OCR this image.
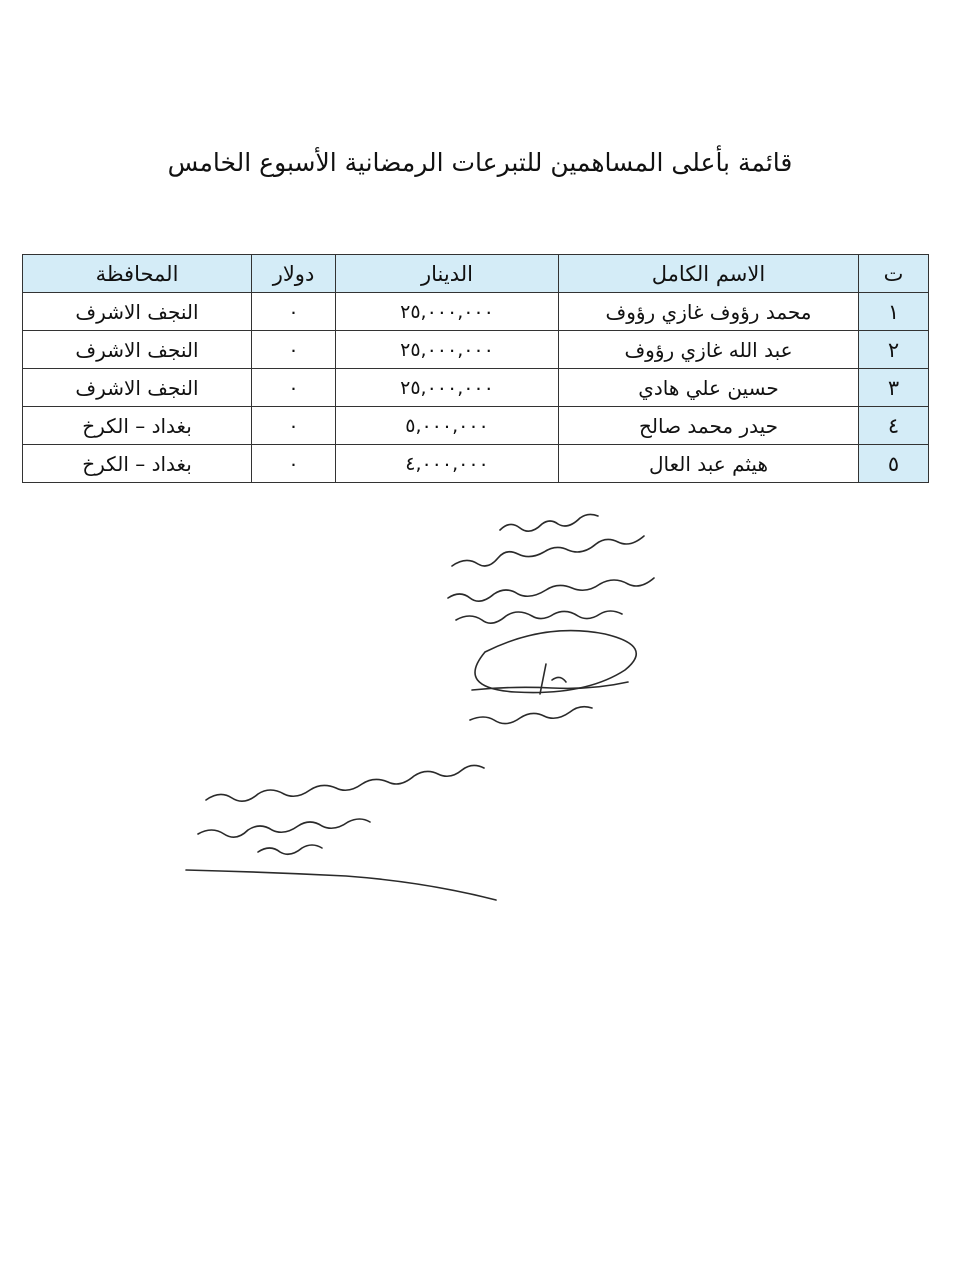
قائمة بأعلى المساهمين للتبرعات الرمضانية الأسبوع الخامس
ت	الاسم الكامل	الدينار	دولار	المحافظة
١	محمد رؤوف غازي رؤوف	٢٥,٠٠٠,٠٠٠	٠	النجف الاشرف
٢	عبد الله غازي رؤوف	٢٥,٠٠٠,٠٠٠	٠	النجف الاشرف
٣	حسين علي هادي	٢٥,٠٠٠,٠٠٠	٠	النجف الاشرف
٤	حيدر محمد صالح	٥,٠٠٠,٠٠٠	٠	بغداد – الكرخ
٥	هيثم عبد العال	٤,٠٠٠,٠٠٠	٠	بغداد – الكرخ
